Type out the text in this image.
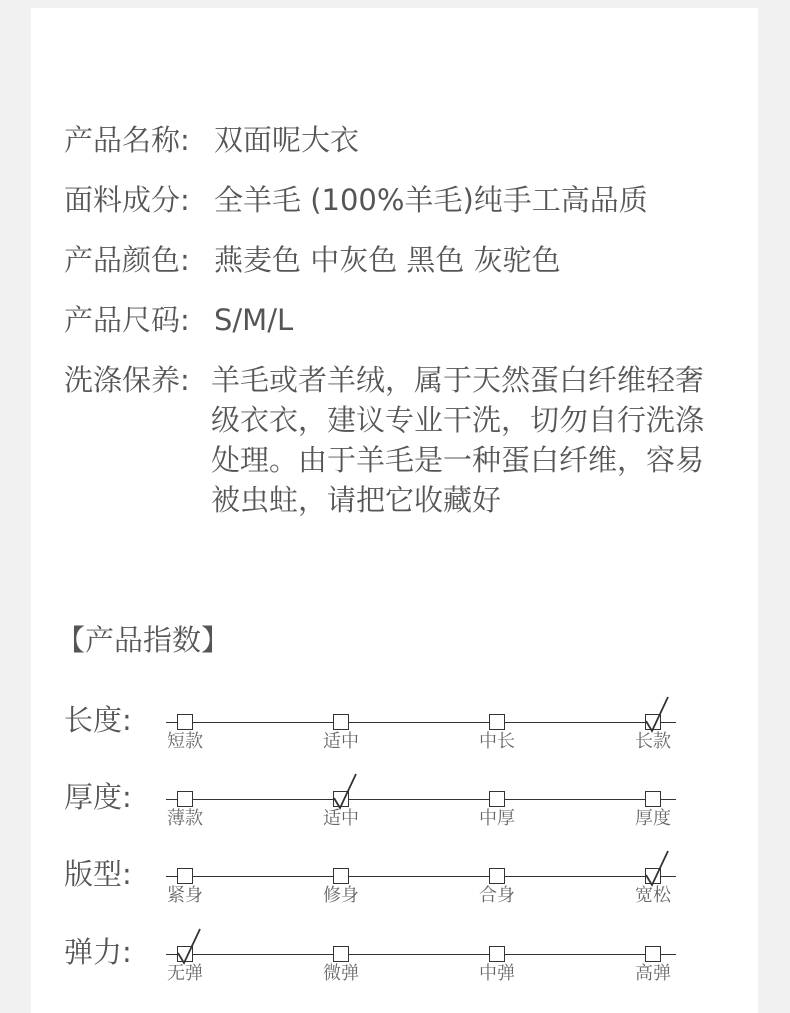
产品名称: 双面呢大衣
面料成分: 全羊毛 (100%羊毛)纯手工高品质
产品颜色: 燕麦色 中灰色 黑色 灰驼色
产品尺码: S/M/L
洗涤保养: 羊毛或者羊绒，属于天然蛋白纤维轻奢级衣衣，建议专业干洗，切勿自行洗涤处理。由于羊毛是一种蛋白纤维，容易被虫蛀，请把它收藏好
【产品指数】
长度:
短款	适中	中长	长款
厚度:
薄款	适中	中厚	厚度
版型:
紧身	修身	合身	宽松
弹力:
无弹	微弹	中弹	高弹
